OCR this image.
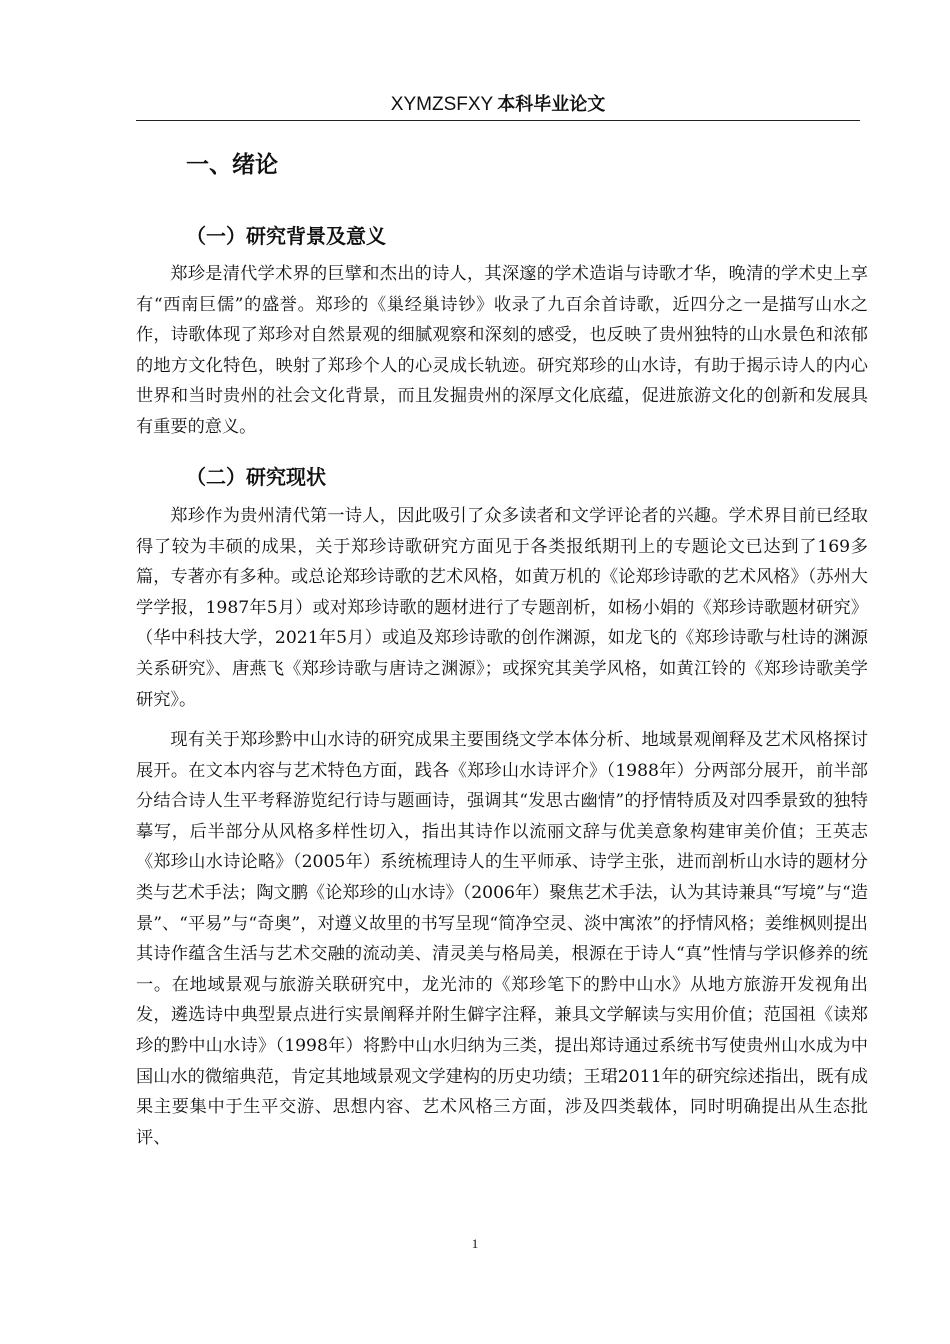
XYMZSFXY 本科毕业论文
一、绪论
（一）研究背景及意义

郑珍是清代学术界的巨擘和杰出的诗人，其深邃的学术造诣与诗歌才华，晚清的学术史上享有“西南巨儒”的盛誉。郑珍的《巢经巢诗钞》收录了九百余首诗歌，近四分之一是描写山水之作，诗歌体现了郑珍对自然景观的细腻观察和深刻的感受，也反映了贵州独特的山水景色和浓郁的地方文化特色，映射了郑珍个人的心灵成长轨迹。研究郑珍的山水诗，有助于揭示诗人的内心世界和当时贵州的社会文化背景，而且发掘贵州的深厚文化底蕴，促进旅游文化的创新和发展具有重要的意义。

（二）研究现状

郑珍作为贵州清代第一诗人，因此吸引了众多读者和文学评论者的兴趣。学术界目前已经取得了较为丰硕的成果，关于郑珍诗歌研究方面见于各类报纸期刊上的专题论文已达到了169多篇，专著亦有多种。或总论郑珍诗歌的艺术风格，如黄万机的《论郑珍诗歌的艺术风格》（苏州大学学报，1987年5月）或对郑珍诗歌的题材进行了专题剖析，如杨小娟的《郑珍诗歌题材研究》（华中科技大学，2021年5月）或追及郑珍诗歌的创作渊源，如龙飞的《郑珍诗歌与杜诗的渊源关系研究》、唐燕飞《郑珍诗歌与唐诗之渊源》；或探究其美学风格，如黄江铃的《郑珍诗歌美学研究》。

现有关于郑珍黔中山水诗的研究成果主要围绕文学本体分析、地域景观阐释及艺术风格探讨展开。在文本内容与艺术特色方面，践各《郑珍山水诗评介》（1988年）分两部分展开，前半部分结合诗人生平考释游览纪行诗与题画诗，强调其“发思古幽情”的抒情特质及对四季景致的独特摹写，后半部分从风格多样性切入，指出其诗作以流丽文辞与优美意象构建审美价值；王英志《郑珍山水诗论略》（2005年）系统梳理诗人的生平师承、诗学主张，进而剖析山水诗的题材分类与艺术手法；陶文鹏《论郑珍的山水诗》（2006年）聚焦艺术手法，认为其诗兼具“写境”与“造景”、“平易”与“奇奥”，对遵义故里的书写呈现“简净空灵、淡中寓浓”的抒情风格；姜维枫则提出其诗作蕴含生活与艺术交融的流动美、清灵美与格局美，根源在于诗人“真”性情与学识修养的统一。在地域景观与旅游关联研究中，龙光沛的《郑珍笔下的黔中山水》从地方旅游开发视角出发，遴选诗中典型景点进行实景阐释并附生僻字注释，兼具文学解读与实用价值；范国祖《读郑珍的黔中山水诗》（1998年）将黔中山水归纳为三类，提出郑诗通过系统书写使贵州山水成为中国山水的微缩典范，肯定其地域景观文学建构的历史功绩；王珺2011年的研究综述指出，既有成果主要集中于生平交游、思想内容、艺术风格三方面，涉及四类载体，同时明确提出从生态批评、

1
